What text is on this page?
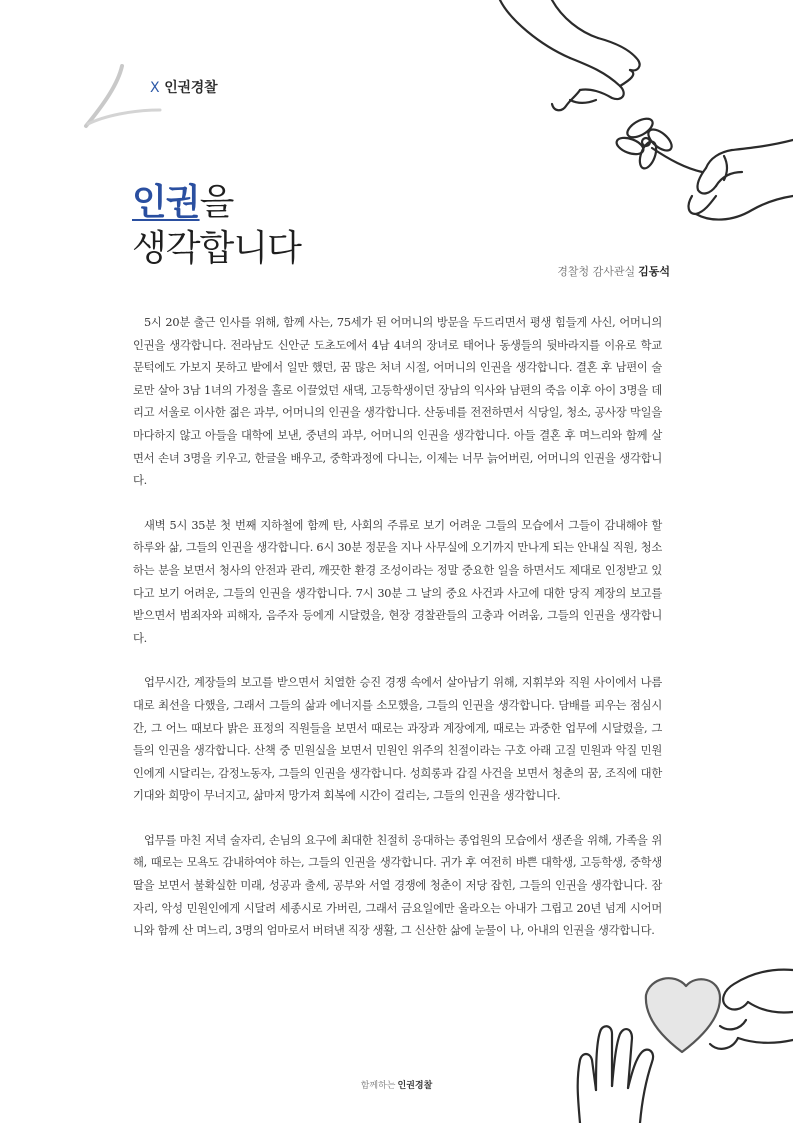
X 인권경찰
인권을
생각합니다
경찰청 감사관실 김동석

5시 20분 출근 인사를 위해, 함께 사는, 75세가 된 어머니의 방문을 두드리면서 평생 힘들게 사신, 어머니의 인권을 생각합니다. 전라남도 신안군 도초도에서 4남 4녀의 장녀로 태어나 동생들의 뒷바라지를 이유로 학교 문턱에도 가보지 못하고 밭에서 일만 했던, 꿈 많은 처녀 시절, 어머니의 인권을 생각합니다. 결혼 후 남편이 술로만 살아 3남 1녀의 가정을 홀로 이끌었던 새댁, 고등학생이던 장남의 익사와 남편의 죽음 이후 아이 3명을 데리고 서울로 이사한 젊은 과부, 어머니의 인권을 생각합니다. 산동네를 전전하면서 식당일, 청소, 공사장 막일을 마다하지 않고 아들을 대학에 보낸, 중년의 과부, 어머니의 인권을 생각합니다. 아들 결혼 후 며느리와 함께 살면서 손녀 3명을 키우고, 한글을 배우고, 중학과정에 다니는, 이제는 너무 늙어버린, 어머니의 인권을 생각합니다.

새벽 5시 35분 첫 번째 지하철에 함께 탄, 사회의 주류로 보기 어려운 그들의 모습에서 그들이 감내해야 할 하루와 삶, 그들의 인권을 생각합니다. 6시 30분 정문을 지나 사무실에 오기까지 만나게 되는 안내실 직원, 청소하는 분을 보면서 청사의 안전과 관리, 깨끗한 환경 조성이라는 정말 중요한 일을 하면서도 제대로 인정받고 있다고 보기 어려운, 그들의 인권을 생각합니다. 7시 30분 그 날의 중요 사건과 사고에 대한 당직 계장의 보고를 받으면서 범죄자와 피해자, 음주자 등에게 시달렸을, 현장 경찰관들의 고충과 어려움, 그들의 인권을 생각합니다.

업무시간, 계장들의 보고를 받으면서 치열한 승진 경쟁 속에서 살아남기 위해, 지휘부와 직원 사이에서 나름대로 최선을 다했을, 그래서 그들의 삶과 에너지를 소모했을, 그들의 인권을 생각합니다. 담배를 피우는 점심시간, 그 어느 때보다 밝은 표정의 직원들을 보면서 때로는 과장과 계장에게, 때로는 과중한 업무에 시달렸을, 그들의 인권을 생각합니다. 산책 중 민원실을 보면서 민원인 위주의 친절이라는 구호 아래 고질 민원과 악질 민원인에게 시달리는, 감정노동자, 그들의 인권을 생각합니다. 성희롱과 갑질 사건을 보면서 청춘의 꿈, 조직에 대한 기대와 희망이 무너지고, 삶마저 망가져 회복에 시간이 걸리는, 그들의 인권을 생각합니다.

업무를 마친 저녁 술자리, 손님의 요구에 최대한 친절히 응대하는 종업원의 모습에서 생존을 위해, 가족을 위해, 때로는 모욕도 감내하여야 하는, 그들의 인권을 생각합니다. 귀가 후 여전히 바쁜 대학생, 고등학생, 중학생 딸을 보면서 불확실한 미래, 성공과 출세, 공부와 서열 경쟁에 청춘이 저당 잡힌, 그들의 인권을 생각합니다. 잠자리, 악성 민원인에게 시달려 세종시로 가버린, 그래서 금요일에만 올라오는 아내가 그립고 20년 넘게 시어머니와 함께 산 며느리, 3명의 엄마로서 버텨낸 직장 생활, 그 신산한 삶에 눈물이 나, 아내의 인권을 생각합니다.

함께하는 인권경찰
